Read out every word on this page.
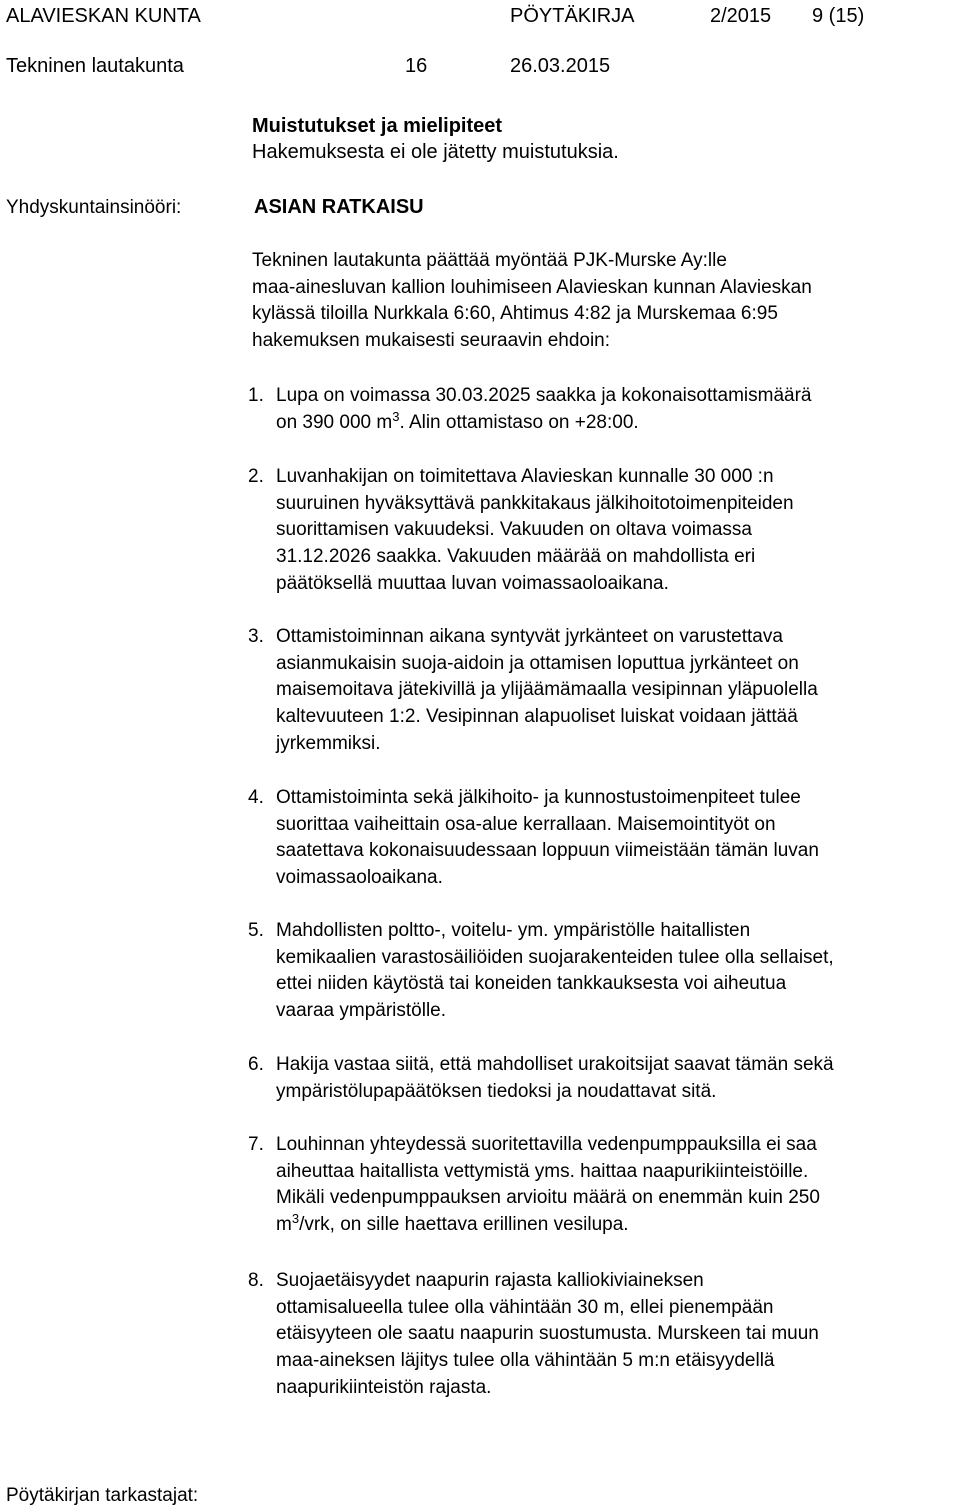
ALAVIESKAN KUNTA	PÖYTÄKIRJA	2/2015 9 (15)
Tekninen lautakunta	16	26.03.2015
Muistutukset ja mielipiteet
Hakemuksesta ei ole jätetty muistutuksia.
Yhdyskuntainsinööri:	ASIAN RATKAISU
Tekninen lautakunta päättää myöntää PJK-Murske Ay:lle
maa-ainesluvan kallion louhimiseen Alavieskan kunnan Alavieskan
kylässä tiloilla Nurkkala 6:60, Ahtimus 4:82 ja Murskemaa 6:95
hakemuksen mukaisesti seuraavin ehdoin:
1. Lupa on voimassa 30.03.2025 saakka ja kokonaisottamismäärä
on 390 000 $m^3$. Alin ottamistaso on +28:00.
2. Luvanhakijan on toimitettava Alavieskan kunnalle 30 000 :n
suuruinen hyväksyttävä pankkitakaus jälkihoitotoimenpiteiden
suorittamisen vakuudeksi. Vakuuden on oltava voimassa
31.12.2026 saakka. Vakuuden määrää on mahdollista eri
päätöksellä muuttaa luvan voimassaoloaikana.
3. Ottamistoiminnan aikana syntyvät jyrkänteet on varustettava
asianmukaisin suoja-aidoin ja ottamisen loputtua jyrkänteet on
maisemoitava jätekivillä ja ylijäämämaalla vesipinnan yläpuolella
kaltevuuteen 1:2. Vesipinnan alapuoliset luiskat voidaan jättää
jyrkemmiksi.
4. Ottamistoiminta sekä jälkihoito- ja kunnostustoimenpiteet tulee
suorittaa vaiheittain osa-alue kerrallaan. Maisemointityöt on
saatettava kokonaisuudessaan loppuun viimeistään tämän luvan
voimassaoloaikana.
5. Mahdollisten poltto-, voitelu- ym. ympäristölle haitallisten
kemikaalien varastosäiliöiden suojarakenteiden tulee olla sellaiset,
ettei niiden käytöstä tai koneiden tankkauksesta voi aiheutua
vaaraa ympäristölle.
6. Hakija vastaa siitä, että mahdolliset urakoitsijat saavat tämän sekä
ympäristölupapäätöksen tiedoksi ja noudattavat sitä.
7. Louhinnan yhteydessä suoritettavilla vedenpumppauksilla ei saa
aiheuttaa haitallista vettymistä yms. haittaa naapurikiinteistöille.
Mikäli vedenpumppauksen arvioitu määrä on enemmän kuin 250
$m^3$/vrk, on sille haettava erillinen vesilupa.
8. Suojaetäisyydet naapurin rajasta kalliokiviaineksen
ottamisalueella tulee olla vähintään 30 m, ellei pienempään
etäisyyteen ole saatu naapurin suostumusta. Murskeen tai muun
maa-aineksen läjitys tulee olla vähintään 5 m:n etäisyydellä
naapurikiinteistön rajasta.
Pöytäkirjan tarkastajat:
